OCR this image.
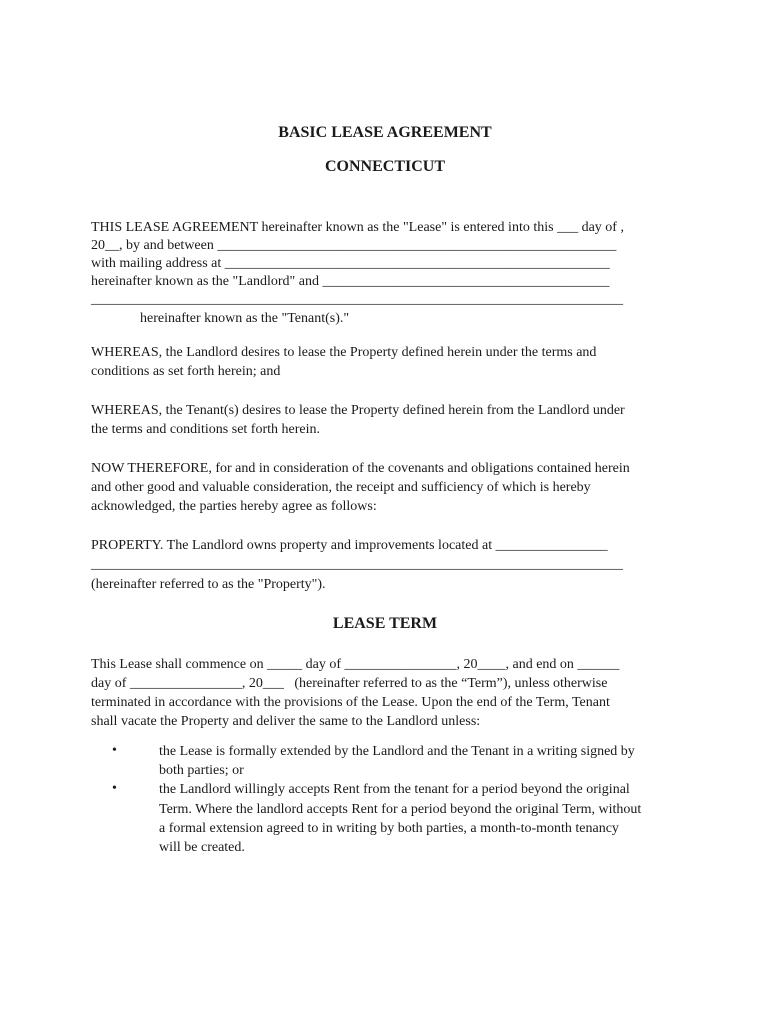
BASIC LEASE AGREEMENT
CONNECTICUT
THIS LEASE AGREEMENT hereinafter known as the "Lease" is entered into this ___ day of ,
20__, by and between _________________________________________________________
with mailing address at _______________________________________________________
hereinafter known as the "Landlord" and _________________________________________
____________________________________________________________________________
hereinafter known as the "Tenant(s)."
WHEREAS, the Landlord desires to lease the Property defined herein under the terms and
conditions as set forth herein; and
WHEREAS, the Tenant(s) desires to lease the Property defined herein from the Landlord under
the terms and conditions set forth herein.
NOW THEREFORE, for and in consideration of the covenants and obligations contained herein
and other good and valuable consideration, the receipt and sufficiency of which is hereby
acknowledged, the parties hereby agree as follows:
PROPERTY. The Landlord owns property and improvements located at ________________
____________________________________________________________________________
(hereinafter referred to as the "Property").
LEASE TERM
This Lease shall commence on _____ day of ________________, 20____, and end on ______
day of ________________, 20___   (hereinafter referred to as the “Term”), unless otherwise
terminated in accordance with the provisions of the Lease. Upon the end of the Term, Tenant
shall vacate the Property and deliver the same to the Landlord unless:
•	the Lease is formally extended by the Landlord and the Tenant in a writing signed by
both parties; or
•	the Landlord willingly accepts Rent from the tenant for a period beyond the original
Term. Where the landlord accepts Rent for a period beyond the original Term, without
a formal extension agreed to in writing by both parties, a month-to-month tenancy
will be created.
